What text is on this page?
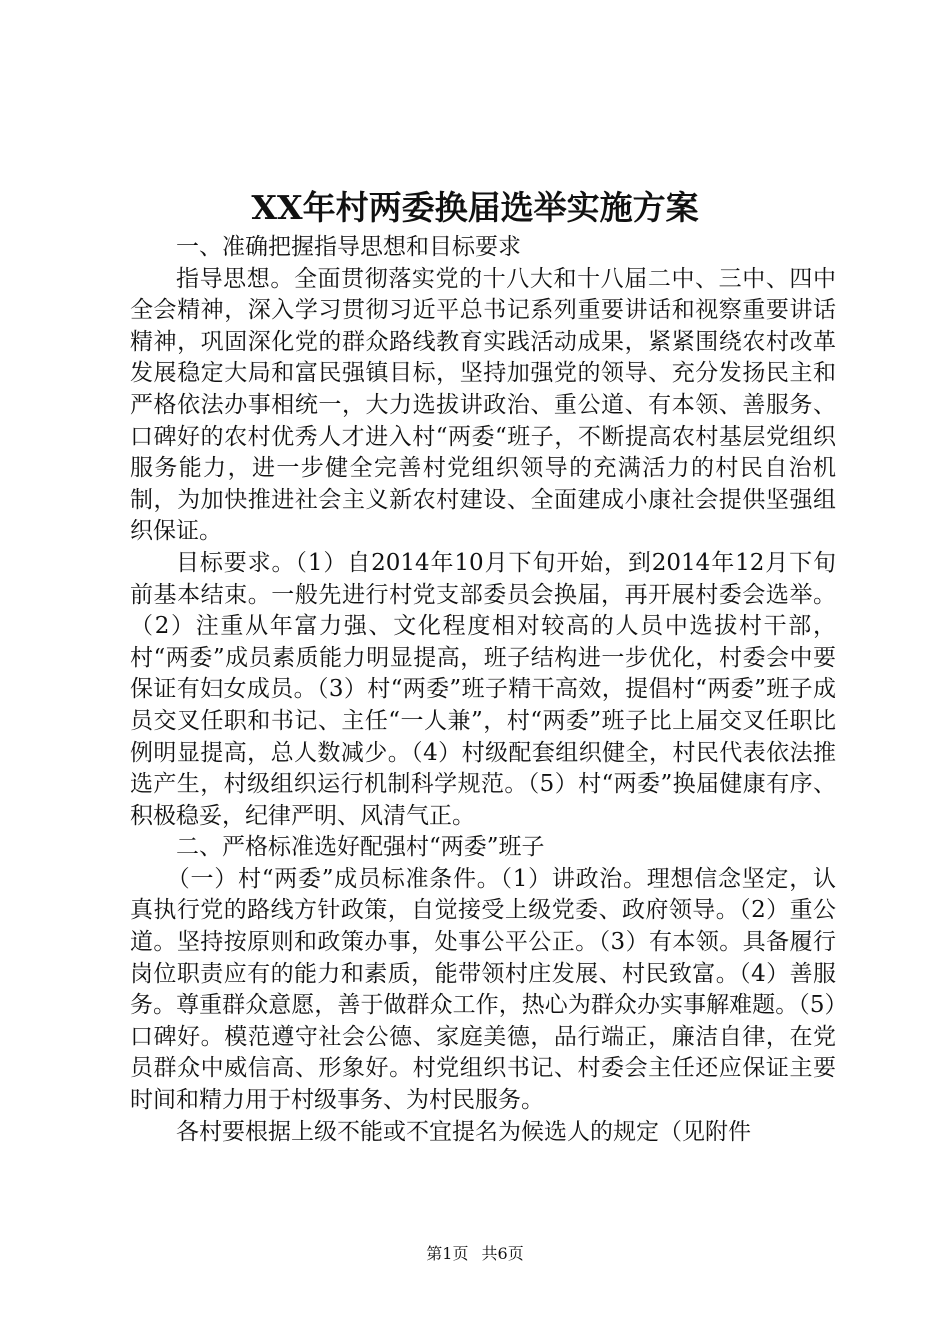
XX年村两委换届选举实施方案

一、准确把握指导思想和目标要求

指导思想。全面贯彻落实党的十八大和十八届二中、三中、四中全会精神，深入学习贯彻习近平总书记系列重要讲话和视察重要讲话精神，巩固深化党的群众路线教育实践活动成果，紧紧围绕农村改革发展稳定大局和富民强镇目标，坚持加强党的领导、充分发扬民主和严格依法办事相统一，大力选拔讲政治、重公道、有本领、善服务、口碑好的农村优秀人才进入村“两委“班子，不断提高农村基层党组织服务能力，进一步健全完善村党组织领导的充满活力的村民自治机制，为加快推进社会主义新农村建设、全面建成小康社会提供坚强组织保证。

目标要求。（1）自2014年10月下旬开始，到2014年12月下旬前基本结束。一般先进行村党支部委员会换届，再开展村委会选举。（2）注重从年富力强、文化程度相对较高的人员中选拔村干部，村“两委”成员素质能力明显提高，班子结构进一步优化，村委会中要保证有妇女成员。（3）村“两委”班子精干高效，提倡村“两委”班子成员交叉任职和书记、主任“一人兼”，村“两委”班子比上届交叉任职比例明显提高，总人数减少。（4）村级配套组织健全，村民代表依法推选产生，村级组织运行机制科学规范。（5）村“两委”换届健康有序、积极稳妥，纪律严明、风清气正。

二、严格标准选好配强村“两委”班子

（一）村“两委”成员标准条件。（1）讲政治。理想信念坚定，认真执行党的路线方针政策，自觉接受上级党委、政府领导。（2）重公道。坚持按原则和政策办事，处事公平公正。（3）有本领。具备履行岗位职责应有的能力和素质，能带领村庄发展、村民致富。（4）善服务。尊重群众意愿，善于做群众工作，热心为群众办实事解难题。（5）口碑好。模范遵守社会公德、家庭美德，品行端正，廉洁自律，在党员群众中威信高、形象好。村党组织书记、村委会主任还应保证主要时间和精力用于村级事务、为村民服务。

各村要根据上级不能或不宜提名为候选人的规定（见附件

第1页 共6页
